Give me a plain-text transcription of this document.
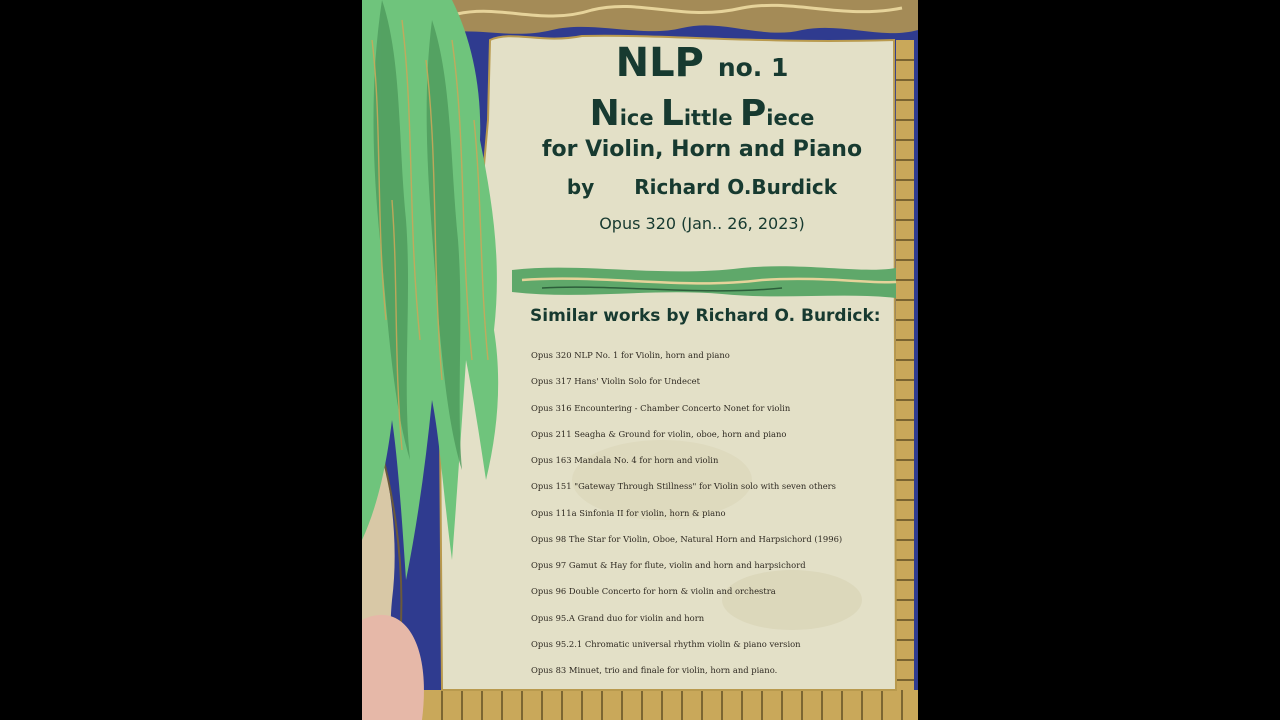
NLP no. 1
Nice Little Piece
for Violin, Horn and Piano
by Richard O.Burdick
Opus 320 (Jan.. 26, 2023)
Similar works by Richard O. Burdick:
Opus 320 NLP No. 1 for Violin, horn and piano
Opus 317 Hans' Violin Solo for Undecet
Opus 316 Encountering - Chamber Concerto Nonet for violin
Opus 211 Seagha & Ground for violin, oboe, horn and piano
Opus 163 Mandala No. 4 for horn and violin
Opus 151 "Gateway Through Stillness" for Violin solo with seven others
Opus 111a Sinfonia II for violin, horn & piano
Opus 98 The Star for Violin, Oboe, Natural Horn and Harpsichord (1996)
Opus 97 Gamut & Hay for flute, violin and horn and harpsichord
Opus 96 Double Concerto for horn & violin and orchestra
Opus 95.A Grand duo for violin and horn
Opus 95.2.1 Chromatic universal rhythm violin & piano version
Opus 83 Minuet, trio and finale for violin, horn and piano.
